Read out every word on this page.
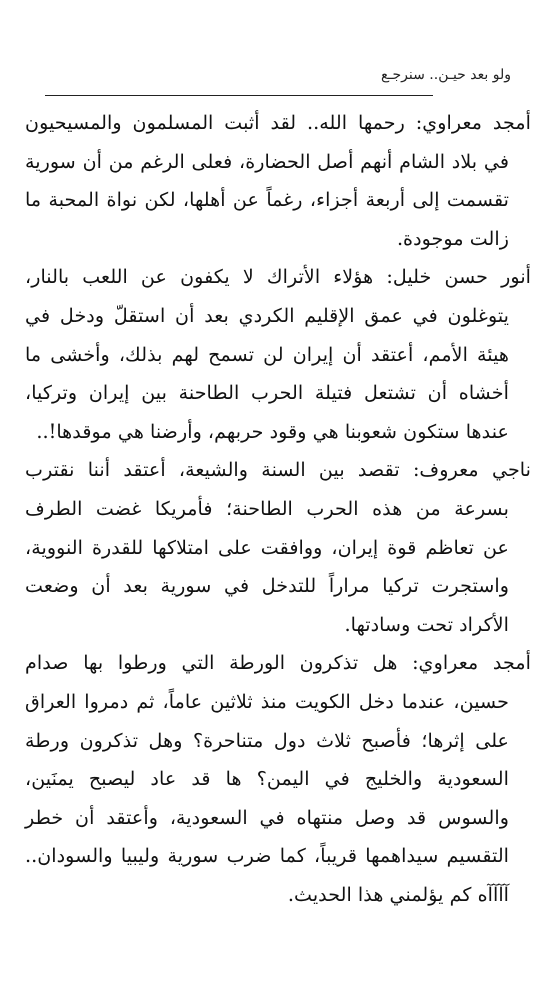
ولو بعد حيـن.. سنرجـع

أمجد معراوي: رحمها الله.. لقد أثبت المسلمون والمسيحيون
في بلاد الشام أنهم أصل الحضارة، فعلى الرغم من أن سورية
تقسمت إلى أربعة أجزاء، رغماً عن أهلها، لكن نواة المحبة ما
زالت موجودة.

أنور حسن خليل: هؤلاء الأتراك لا يكفون عن اللعب بالنار،
يتوغلون في عمق الإقليم الكردي بعد أن استقلّ ودخل في
هيئة الأمم، أعتقد أن إيران لن تسمح لهم بذلك، وأخشى ما
أخشاه أن تشتعل فتيلة الحرب الطاحنة بين إيران وتركيا،
عندها ستكون شعوبنا هي وقود حربهم، وأرضنا هي موقدها!..

ناجي معروف: تقصد بين السنة والشيعة، أعتقد أننا نقترب
بسرعة من هذه الحرب الطاحنة؛ فأمريكا غضت الطرف
عن تعاظم قوة إيران، ووافقت على امتلاكها للقدرة النووية،
واستجرت تركيا مراراً للتدخل في سورية بعد أن وضعت
الأكراد تحت وسادتها.

أمجد معراوي: هل تذكرون الورطة التي ورطوا بها صدام
حسين، عندما دخل الكويت منذ ثلاثين عاماً، ثم دمروا العراق
على إثرها؛ فأصبح ثلاث دول متناحرة؟ وهل تذكرون ورطة
السعودية والخليج في اليمن؟ ها قد عاد ليصبح يمنَين،
والسوس قد وصل منتهاه في السعودية، وأعتقد أن خطر
التقسيم سيداهمها قريباً، كما ضرب سورية وليبيا والسودان..
آآآآه كم يؤلمني هذا الحديث.
